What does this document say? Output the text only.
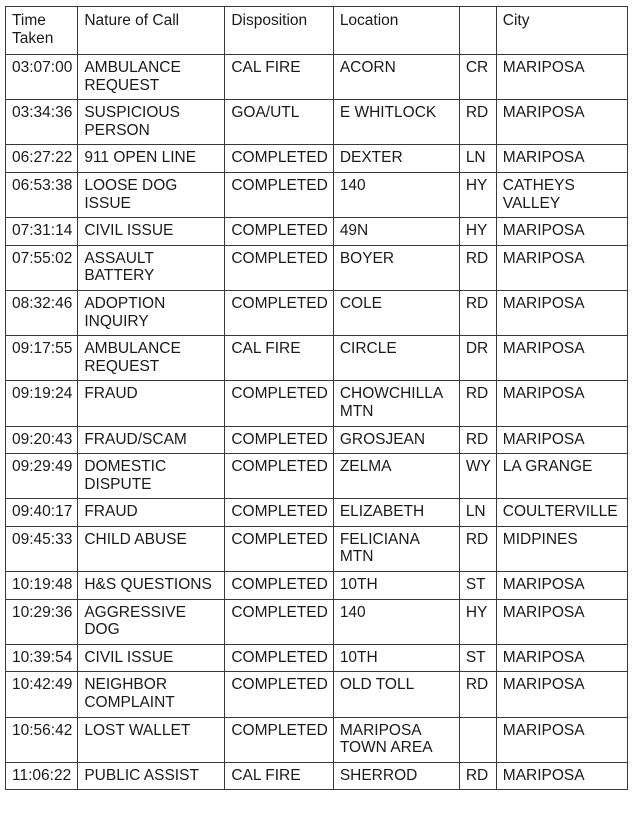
Time Taken	Nature of Call	Disposition	Location		City
03:07:00	AMBULANCE REQUEST	CAL FIRE	ACORN	CR	MARIPOSA
03:34:36	SUSPICIOUS PERSON	GOA/UTL	E WHITLOCK	RD	MARIPOSA
06:27:22	911 OPEN LINE	COMPLETED	DEXTER	LN	MARIPOSA
06:53:38	LOOSE DOG ISSUE	COMPLETED	140	HY	CATHEYS VALLEY
07:31:14	CIVIL ISSUE	COMPLETED	49N	HY	MARIPOSA
07:55:02	ASSAULT BATTERY	COMPLETED	BOYER	RD	MARIPOSA
08:32:46	ADOPTION INQUIRY	COMPLETED	COLE	RD	MARIPOSA
09:17:55	AMBULANCE REQUEST	CAL FIRE	CIRCLE	DR	MARIPOSA
09:19:24	FRAUD	COMPLETED	CHOWCHILLA MTN	RD	MARIPOSA
09:20:43	FRAUD/SCAM	COMPLETED	GROSJEAN	RD	MARIPOSA
09:29:49	DOMESTIC DISPUTE	COMPLETED	ZELMA	WY	LA GRANGE
09:40:17	FRAUD	COMPLETED	ELIZABETH	LN	COULTERVILLE
09:45:33	CHILD ABUSE	COMPLETED	FELICIANA MTN	RD	MIDPINES
10:19:48	H&S QUESTIONS	COMPLETED	10TH	ST	MARIPOSA
10:29:36	AGGRESSIVE DOG	COMPLETED	140	HY	MARIPOSA
10:39:54	CIVIL ISSUE	COMPLETED	10TH	ST	MARIPOSA
10:42:49	NEIGHBOR COMPLAINT	COMPLETED	OLD TOLL	RD	MARIPOSA
10:56:42	LOST WALLET	COMPLETED	MARIPOSA TOWN AREA		MARIPOSA
11:06:22	PUBLIC ASSIST	CAL FIRE	SHERROD	RD	MARIPOSA
